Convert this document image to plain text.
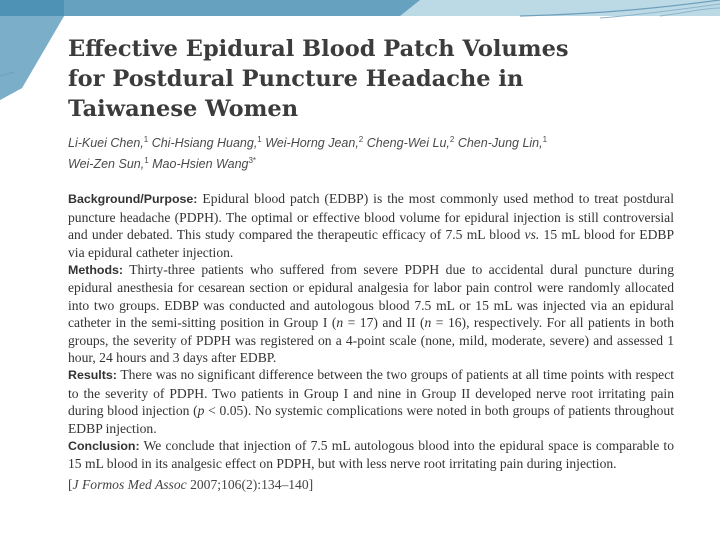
Effective Epidural Blood Patch Volumes
for Postdural Puncture Headache in
Taiwanese Women
Li-Kuei Chen,$^1$ Chi-Hsiang Huang,$^1$ Wei-Horng Jean,$^2$ Cheng-Wei Lu,$^2$ Chen-Jung Lin,$^1$
Wei-Zen Sun,$^1$ Mao-Hsien Wang$^{3*}$

Background/Purpose: Epidural blood patch (EDBP) is the most commonly used method to treat postdural puncture headache (PDPH). The optimal or effective blood volume for epidural injection is still controversial and under debated. This study compared the therapeutic efficacy of 7.5 mL blood vs. 15 mL blood for EDBP via epidural catheter injection.

Methods: Thirty-three patients who suffered from severe PDPH due to accidental dural puncture during epidural anesthesia for cesarean section or epidural analgesia for labor pain control were randomly allocated into two groups. EDBP was conducted and autologous blood 7.5 mL or 15 mL was injected via an epidural catheter in the semi-sitting position in Group I (n = 17) and II (n = 16), respectively. For all patients in both groups, the severity of PDPH was registered on a 4-point scale (none, mild, moderate, severe) and assessed 1 hour, 24 hours and 3 days after EDBP.

Results: There was no significant difference between the two groups of patients at all time points with respect to the severity of PDPH. Two patients in Group I and nine in Group II developed nerve root irritating pain during blood injection (p < 0.05). No systemic complications were noted in both groups of patients throughout EDBP injection.

Conclusion: We conclude that injection of 7.5 mL autologous blood into the epidural space is comparable to 15 mL blood in its analgesic effect on PDPH, but with less nerve root irritating pain during injection.

[J Formos Med Assoc 2007;106(2):134–140]
